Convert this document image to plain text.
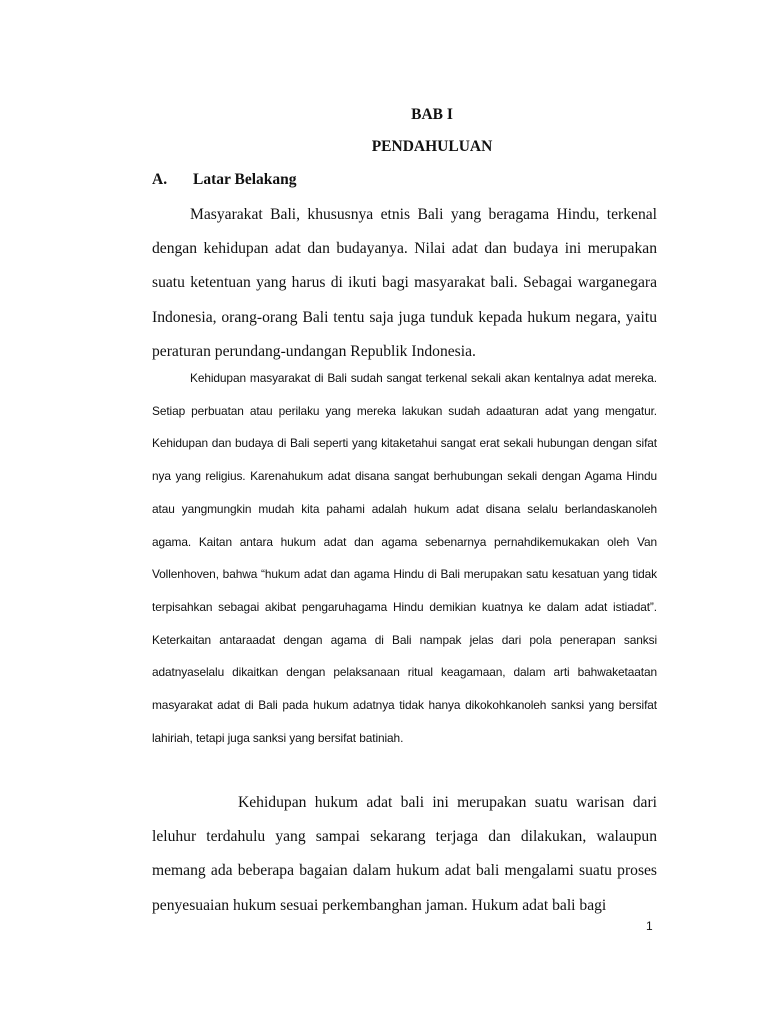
BAB I
PENDAHULUAN
A. Latar Belakang

Masyarakat Bali, khususnya etnis Bali yang beragama Hindu, terkenal dengan kehidupan adat dan budayanya. Nilai adat dan budaya ini merupakan suatu ketentuan yang harus di ikuti bagi masyarakat bali. Sebagai warganegara Indonesia, orang-orang Bali tentu saja juga tunduk kepada hukum negara, yaitu peraturan perundang-undangan Republik Indonesia.

Kehidupan masyarakat di Bali sudah sangat terkenal sekali akan kentalnya adat mereka. Setiap perbuatan atau perilaku yang mereka lakukan sudah adaaturan adat yang mengatur. Kehidupan dan budaya di Bali seperti yang kitaketahui sangat erat sekali hubungan dengan sifat nya yang religius. Karenahukum adat disana sangat berhubungan sekali dengan Agama Hindu atau yangmungkin mudah kita pahami adalah hukum adat disana selalu berlandaskanoleh agama. Kaitan antara hukum adat dan agama sebenarnya pernahdikemukakan oleh Van Vollenhoven, bahwa “hukum adat dan agama Hindu di Bali merupakan satu kesatuan yang tidak terpisahkan sebagai akibat pengaruhagama Hindu demikian kuatnya ke dalam adat istiadat”. Keterkaitan antaraadat dengan agama di Bali nampak jelas dari pola penerapan sanksi adatnyaselalu dikaitkan dengan pelaksanaan ritual keagamaan, dalam arti bahwaketaatan masyarakat adat di Bali pada hukum adatnya tidak hanya dikokohkanoleh sanksi yang bersifat lahiriah, tetapi juga sanksi yang bersifat batiniah.

Kehidupan hukum adat bali ini merupakan suatu warisan dari leluhur terdahulu yang sampai sekarang terjaga dan dilakukan, walaupun memang ada beberapa bagaian dalam hukum adat bali mengalami suatu proses penyesuaian hukum sesuai perkembanghan jaman. Hukum adat bali bagi

1
